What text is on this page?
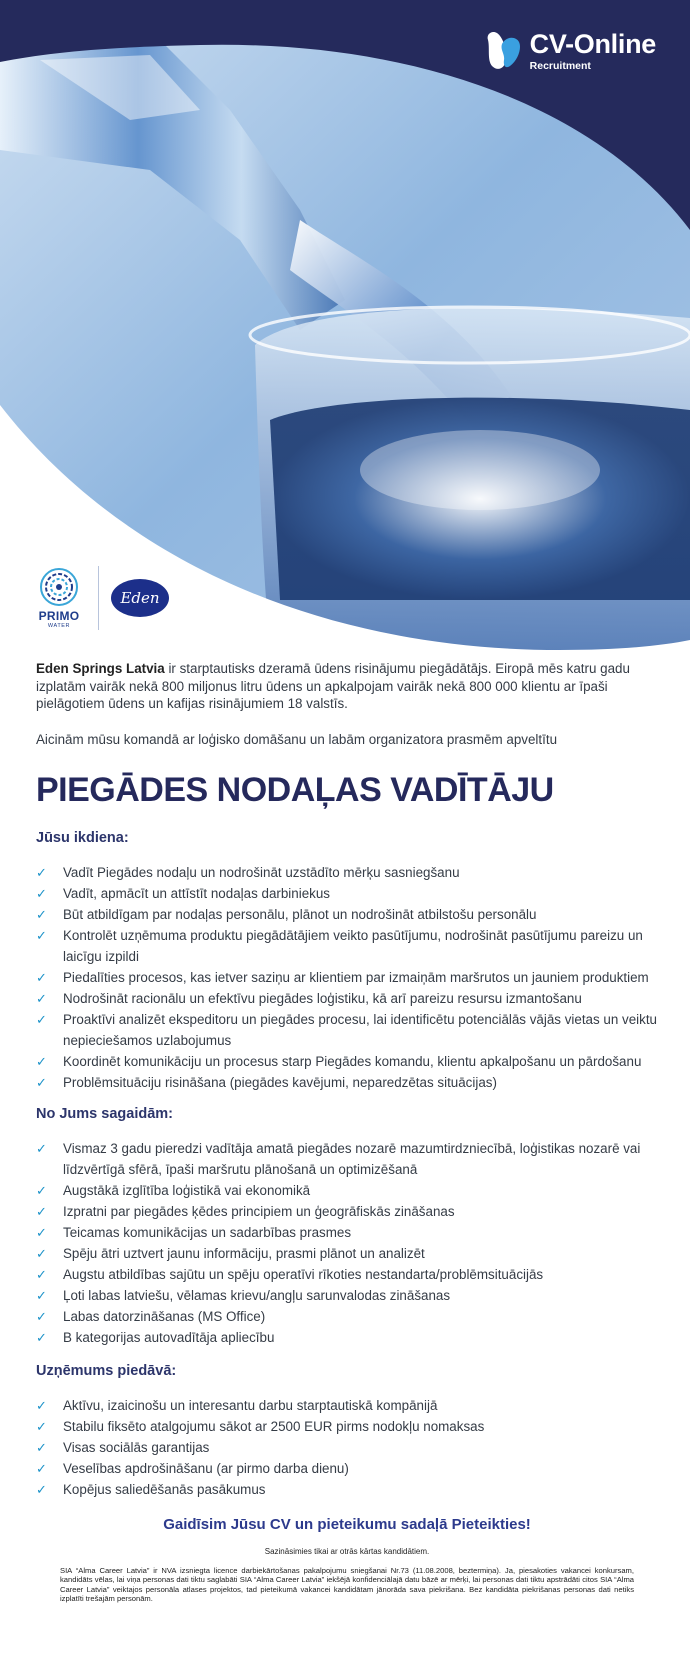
CV-Online
Recruitment
PRIMO
WATER
Eden

Eden Springs Latvia ir starptautisks dzeramā ūdens risinājumu piegādātājs. Eiropā mēs katru gadu izplatām vairāk nekā 800 miljonus litru ūdens un apkalpojam vairāk nekā 800 000 klientu ar īpaši pielāgotiem ūdens un kafijas risinājumiem 18 valstīs.

Aicinām mūsu komandā ar loģisko domāšanu un labām organizatora prasmēm apveltītu

PIEGĀDES NODAĻAS VADĪTĀJU
Jūsu ikdiena:
✓ Vadīt Piegādes nodaļu un nodrošināt uzstādīto mērķu sasniegšanu
✓ Vadīt, apmācīt un attīstīt nodaļas darbiniekus
✓ Būt atbildīgam par nodaļas personālu, plānot un nodrošināt atbilstošu personālu
✓ Kontrolēt uzņēmuma produktu piegādātājiem veikto pasūtījumu, nodrošināt pasūtījumu pareizu un laicīgu izpildi
✓ Piedalīties procesos, kas ietver saziņu ar klientiem par izmaiņām maršrutos un jauniem produktiem
✓ Nodrošināt racionālu un efektīvu piegādes loģistiku, kā arī pareizu resursu izmantošanu
✓ Proaktīvi analizēt ekspeditoru un piegādes procesu, lai identificētu potenciālās vājās vietas un veiktu nepieciešamos uzlabojumus
✓ Koordinēt komunikāciju un procesus starp Piegādes komandu, klientu apkalpošanu un pārdošanu
✓ Problēmsituāciju risināšana (piegādes kavējumi, neparedzētas situācijas)
No Jums sagaidām:
✓ Vismaz 3 gadu pieredzi vadītāja amatā piegādes nozarē mazumtirdzniecībā, loģistikas nozarē vai līdzvērtīgā sfērā, īpaši maršrutu plānošanā un optimizēšanā
✓ Augstākā izglītība loģistikā vai ekonomikā
✓ Izpratni par piegādes ķēdes principiem un ģeogrāfiskās zināšanas
✓ Teicamas komunikācijas un sadarbības prasmes
✓ Spēju ātri uztvert jaunu informāciju, prasmi plānot un analizēt
✓ Augstu atbildības sajūtu un spēju operatīvi rīkoties nestandarta/problēmsituācijās
✓ Ļoti labas latviešu, vēlamas krievu/angļu sarunvalodas zināšanas
✓ Labas datorzināšanas (MS Office)
✓ B kategorijas autovadītāja apliecību
Uzņēmums piedāvā:
✓ Aktīvu, izaicinošu un interesantu darbu starptautiskā kompānijā
✓ Stabilu fiksēto atalgojumu sākot ar 2500 EUR pirms nodokļu nomaksas
✓ Visas sociālās garantijas
✓ Veselības apdrošināšanu (ar pirmo darba dienu)
✓ Kopējus saliedēšanās pasākumus

Gaidīsim Jūsu CV un pieteikumu sadaļā Pieteikties!

Sazināsimies tikai ar otrās kārtas kandidātiem.

SIA “Alma Career Latvia” ir NVA izsniegta licence darbiekārtošanas pakalpojumu sniegšanai Nr.73 (11.08.2008, beztermiņa). Ja, piesakoties vakancei konkursam, kandidāts vēlas, lai viņa personas dati tiktu saglabāti SIA “Alma Career Latvia” iekšējā konfidenciālajā datu bāzē ar mērķi, lai personas dati tiktu apstrādāti citos SIA “Alma Career Latvia” veiktajos personāla atlases projektos, tad pieteikumā vakancei kandidātam jānorāda sava piekrišana. Bez kandidāta piekrišanas personas dati netiks izplatīti trešajām personām.
